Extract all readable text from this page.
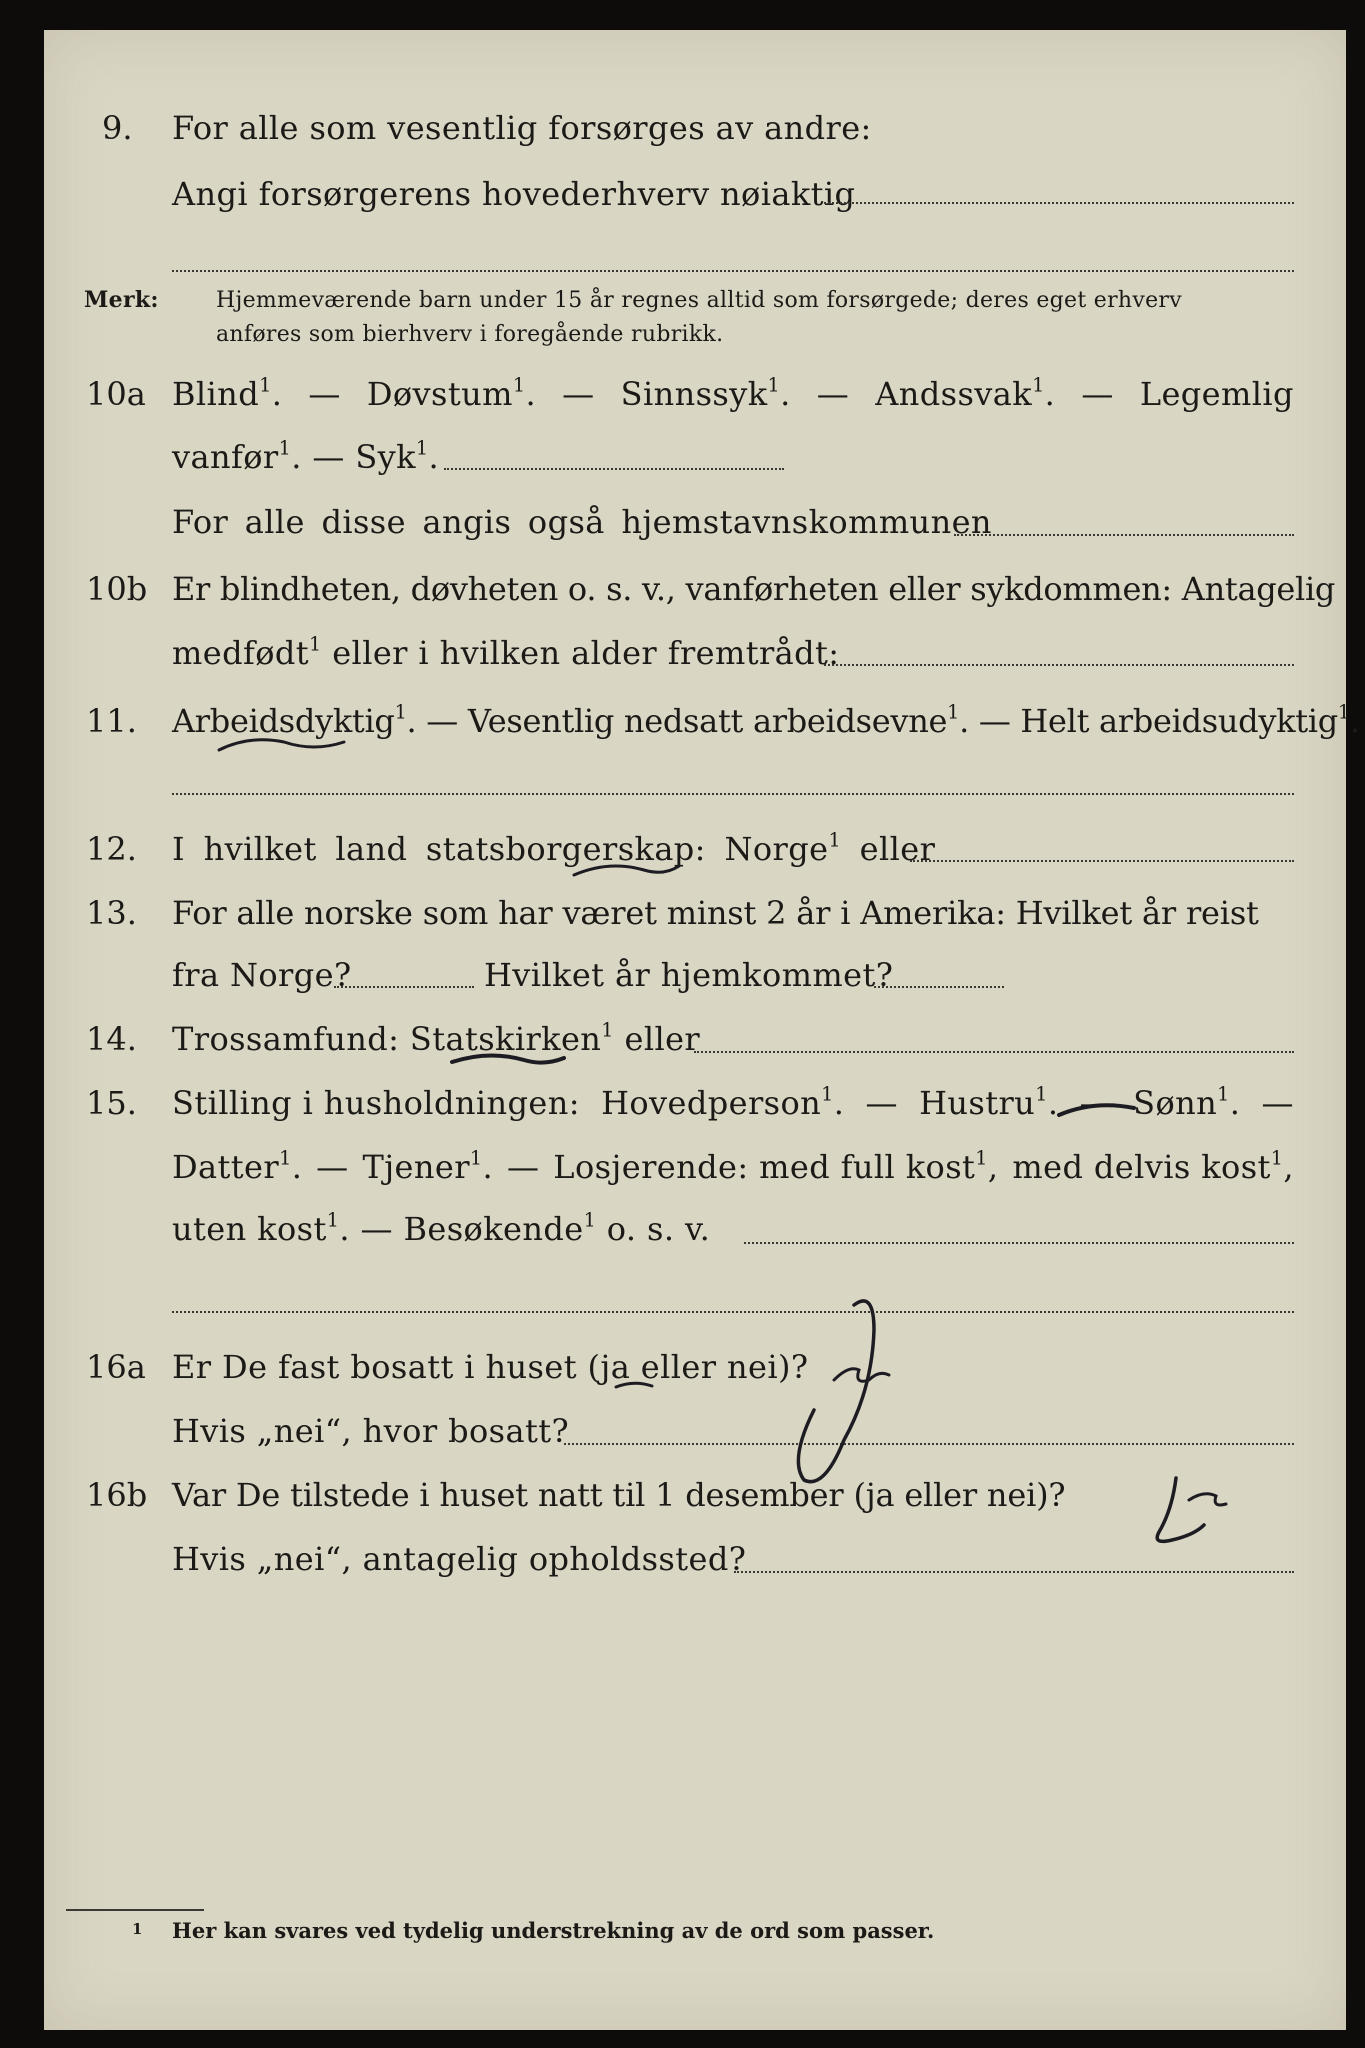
9. For alle som vesentlig forsørges av andre:
Angi forsørgerens hovederhverv nøiaktig
Merk:	Hjemmeværende barn under 15 år regnes alltid som forsørgede; deres eget erhverv
anføres som bierhverv i foregående rubrikk.
10a Blind$^1$. — Døvstum$^1$. — Sinnssyk$^1$. — Andssvak$^1$. — Legemlig
vanfør$^1$. — Syk$^1$.
For alle disse angis også hjemstavnskommunen
10b Er blindheten, døvheten o. s. v., vanførheten eller sykdommen: Antagelig
medfødt$^1$ eller i hvilken alder fremtrådt:
11. Arbeidsdyktig$^1$. — Vesentlig nedsatt arbeidsevne$^1$. — Helt arbeidsudyktig$^1$.
12. I hvilket land statsborgerskap: Norge$^1$ eller
13. For alle norske som har været minst 2 år i Amerika: Hvilket år reist
fra Norge?	Hvilket år hjemkommet?
14. Trossamfund: Statskirken$^1$ eller
15. Stilling i husholdningen: Hovedperson$^1$. — Hustru$^1$. — Sønn$^1$. —
Datter$^1$. — Tjener$^1$. — Losjerende: med full kost$^1$, med delvis kost$^1$,
uten kost$^1$. — Besøkende$^1$ o. s. v.
16a Er De fast bosatt i huset (ja eller nei)?
Hvis „nei“, hvor bosatt?
16b Var De tilstede i huset natt til 1 desember (ja eller nei)?
Hvis „nei“, antagelig opholdssted?
1 Her kan svares ved tydelig understrekning av de ord som passer.
